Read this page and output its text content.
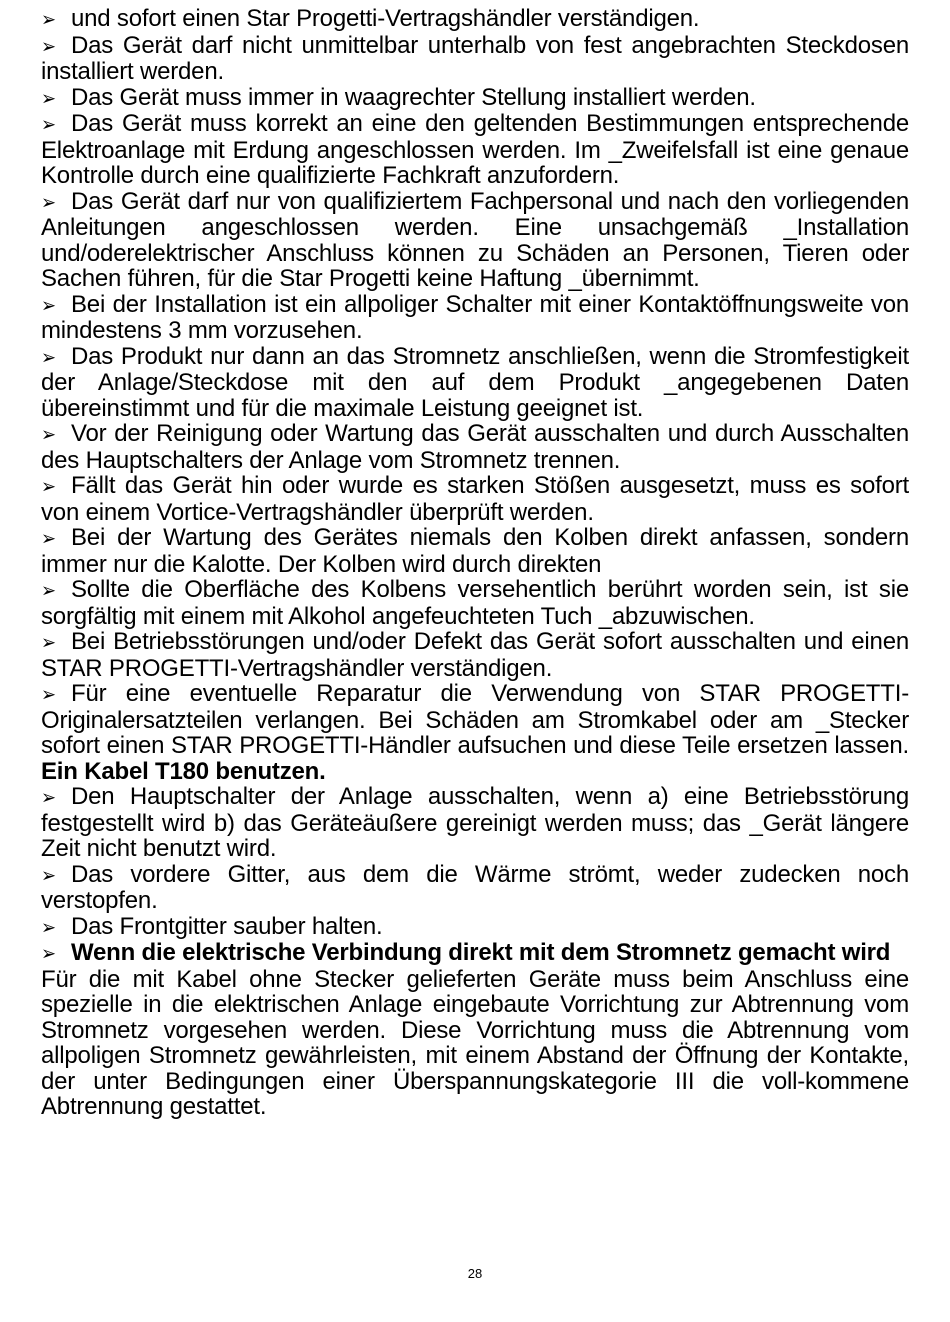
➢ und sofort einen Star Progetti-Vertragshändler verständigen.

➢ Das Gerät darf nicht unmittelbar unterhalb von fest angebrachten Steckdosen installiert werden.

➢ Das Gerät muss immer in waagrechter Stellung installiert werden.

➢ Das Gerät muss korrekt an eine den geltenden Bestimmungen entsprechende Elektroanlage mit Erdung angeschlossen werden. Im _Zweifelsfall ist eine genaue Kontrolle durch eine qualifizierte Fachkraft anzufordern.

➢ Das Gerät darf nur von qualifiziertem Fachpersonal und nach den vorliegenden Anleitungen angeschlossen werden. Eine unsachgemäß _Installation und/oderelektrischer Anschluss können zu Schäden an Personen, Tieren oder Sachen führen, für die Star Progetti keine Haftung _übernimmt.

➢ Bei der Installation ist ein allpoliger Schalter mit einer Kontaktöffnungsweite von mindestens 3 mm vorzusehen.

➢ Das Produkt nur dann an das Stromnetz anschließen, wenn die Stromfestigkeit der Anlage/Steckdose mit den auf dem Produkt _angegebenen Daten übereinstimmt und für die maximale Leistung geeignet ist.

➢ Vor der Reinigung oder Wartung das Gerät ausschalten und durch Ausschalten des Hauptschalters der Anlage vom Stromnetz trennen.

➢ Fällt das Gerät hin oder wurde es starken Stößen ausgesetzt, muss es sofort von einem Vortice-Vertragshändler überprüft werden.

➢ Bei der Wartung des Gerätes niemals den Kolben direkt anfassen, sondern immer nur die Kalotte. Der Kolben wird durch direkten

➢ Sollte die Oberfläche des Kolbens versehentlich berührt worden sein, ist sie sorgfältig mit einem mit Alkohol angefeuchteten Tuch _abzuwischen.

➢ Bei Betriebsstörungen und/oder Defekt das Gerät sofort ausschalten und einen STAR PROGETTI-Vertragshändler verständigen.

➢ Für eine eventuelle Reparatur die Verwendung von STAR PROGETTI-Originalersatzteilen verlangen. Bei Schäden am Stromkabel oder am _Stecker sofort einen STAR PROGETTI-Händler aufsuchen und diese Teile ersetzen lassen. Ein Kabel T180 benutzen.

➢ Den Hauptschalter der Anlage ausschalten, wenn a) eine Betriebsstörung festgestellt wird b) das Geräteäußere gereinigt werden muss; das _Gerät längere Zeit nicht benutzt wird.

➢ Das vordere Gitter, aus dem die Wärme strömt, weder zudecken noch verstopfen.

➢ Das Frontgitter sauber halten.

➢ Wenn die elektrische Verbindung direkt mit dem Stromnetz gemacht wird

Für die mit Kabel ohne Stecker gelieferten Geräte muss beim Anschluss eine spezielle in die elektrischen Anlage eingebaute Vorrichtung zur Abtrennung vom Stromnetz vorgesehen werden. Diese Vorrichtung muss die Abtrennung vom allpoligen Stromnetz gewährleisten, mit einem Abstand der Öffnung der Kontakte, der unter Bedingungen einer Überspannungskategorie III die voll-kommene Abtrennung gestattet.

28
